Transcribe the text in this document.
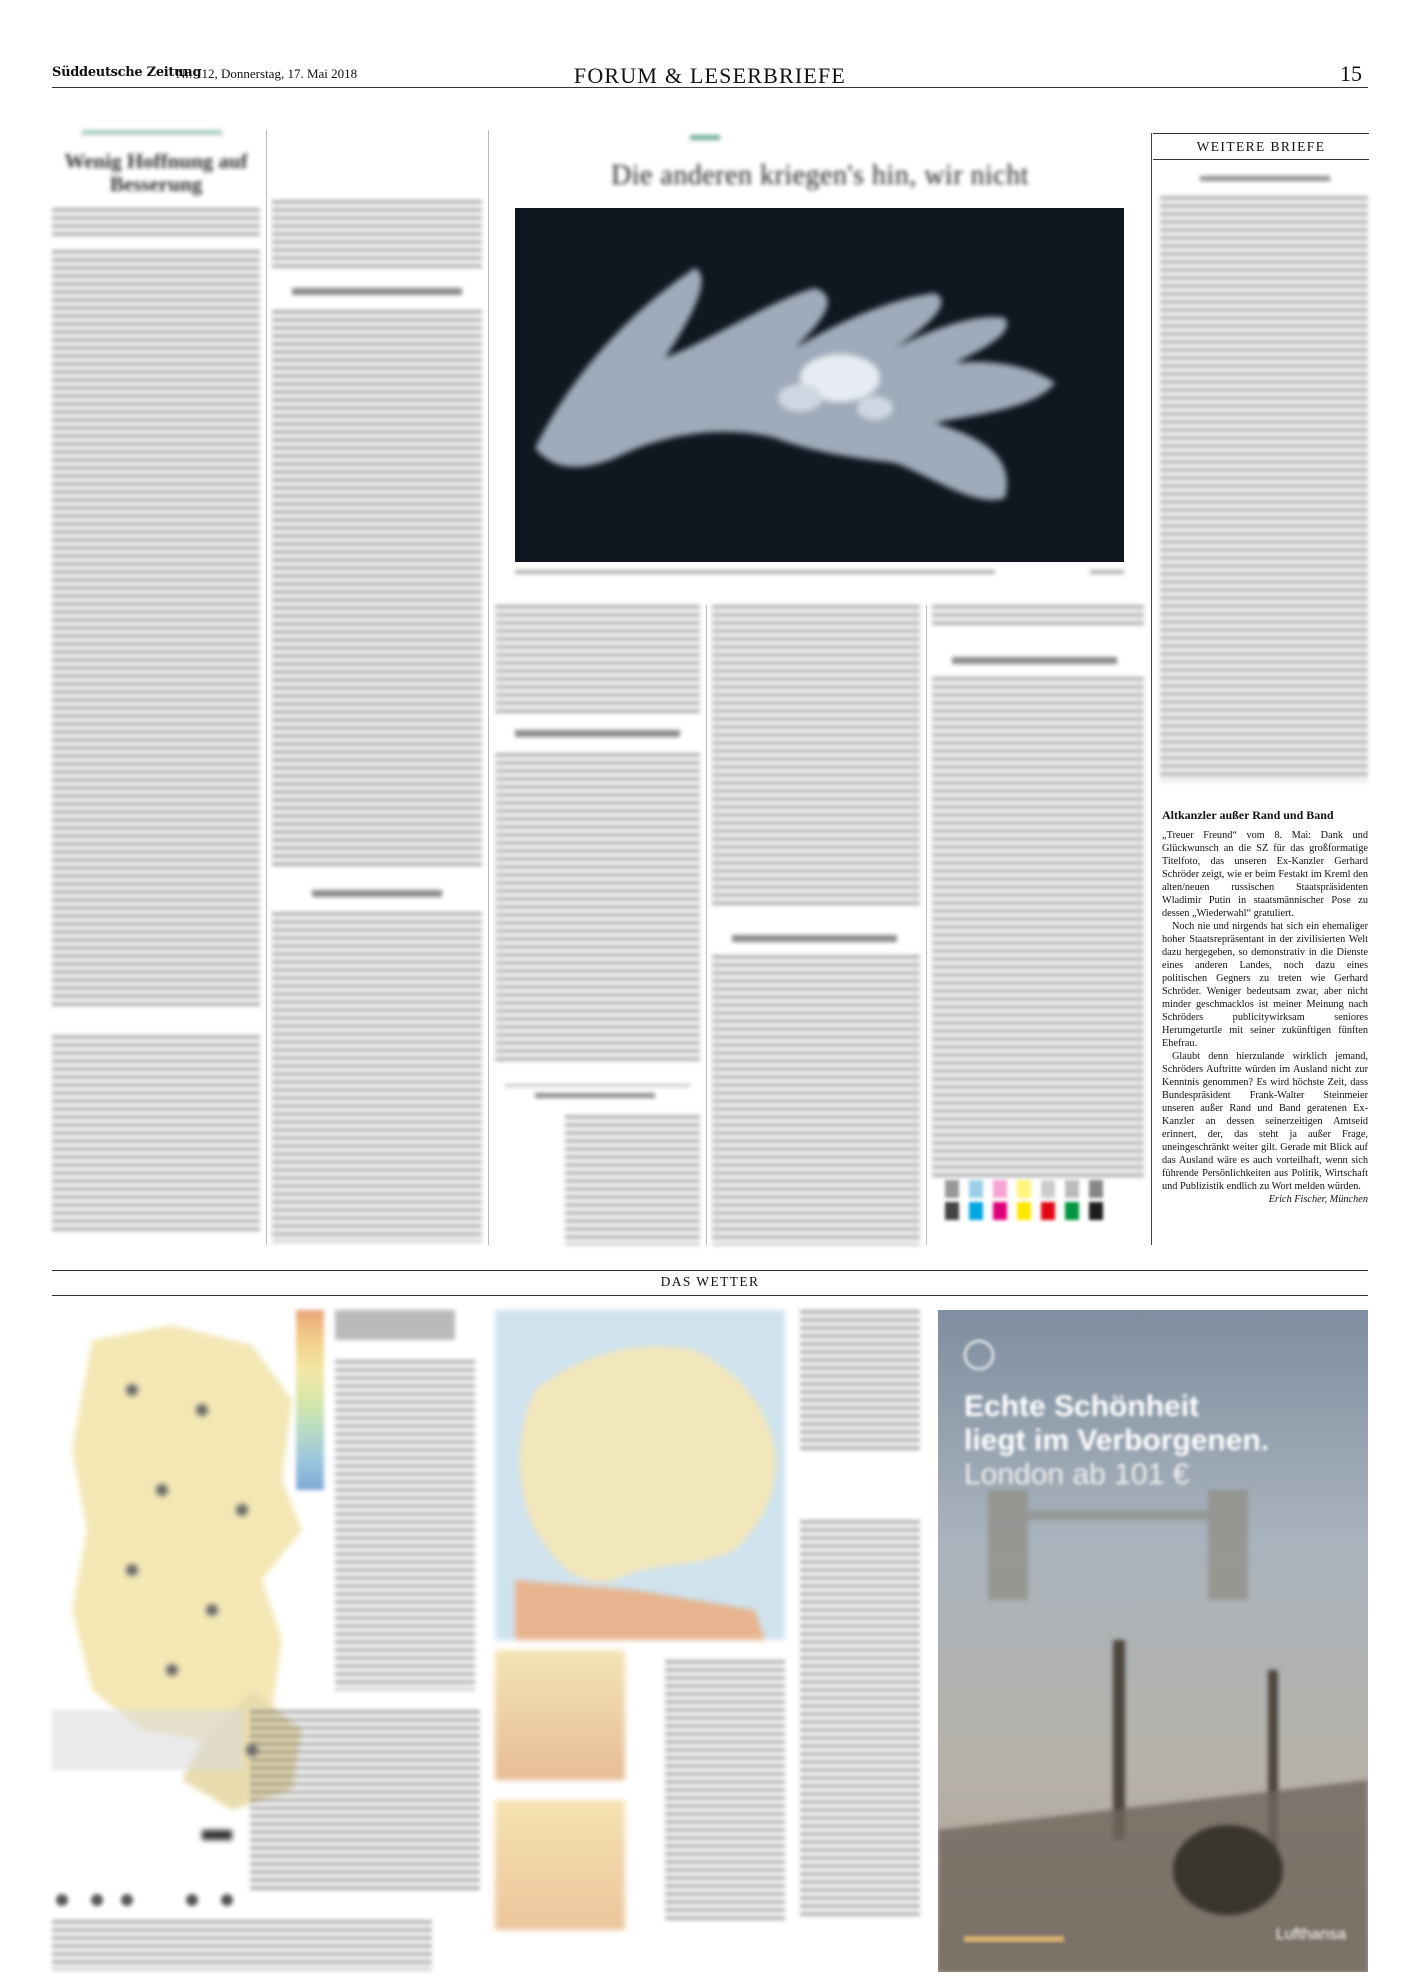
Süddeutsche Zeitung
Nr. 112, Donnerstag, 17. Mai 2018	FORUM & LESERBRIEFE	15
Wenig Hoffnung auf Besserung	Die anderen kriegen's hin, wir nicht
WEITERE BRIEFE
Altkanzler außer Rand und Band

„Treuer Freund“ vom 8. Mai: Dank und Glückwunsch an die SZ für das großformatige Titelfoto, das unseren Ex-Kanzler Gerhard Schröder zeigt, wie er beim Festakt im Kreml den alten/neuen russischen Staatspräsidenten Wladimir Putin in staatsmännischer Pose zu dessen „Wiederwahl“ gratuliert.

Noch nie und nirgends hat sich ein ehemaliger hoher Staatsrepräsentant in der zivilisierten Welt dazu hergegeben, so demonstrativ in die Dienste eines anderen Landes, noch dazu eines politischen Gegners zu treten wie Gerhard Schröder. Weniger bedeutsam zwar, aber nicht minder geschmacklos ist meiner Meinung nach Schröders publicitywirksam seniores Herumgeturtle mit seiner zukünftigen fünften Ehefrau.

Glaubt denn hierzulande wirklich jemand, Schröders Auftritte würden im Ausland nicht zur Kenntnis genommen? Es wird höchste Zeit, dass Bundespräsident Frank-Walter Steinmeier unseren außer Rand und Band geratenen Ex-Kanzler an dessen seinerzeitigen Amtseid erinnert, der, das steht ja außer Frage, uneingeschränkt weiter gilt. Gerade mit Blick auf das Ausland wäre es auch vorteilhaft, wenn sich führende Persönlichkeiten aus Politik, Wirtschaft und Publizistik endlich zu Wort melden würden.

Erich Fischer, München
DAS WETTER
Echte Schönheit
liegt im Verborgenen.
London ab 101 €
Lufthansa
